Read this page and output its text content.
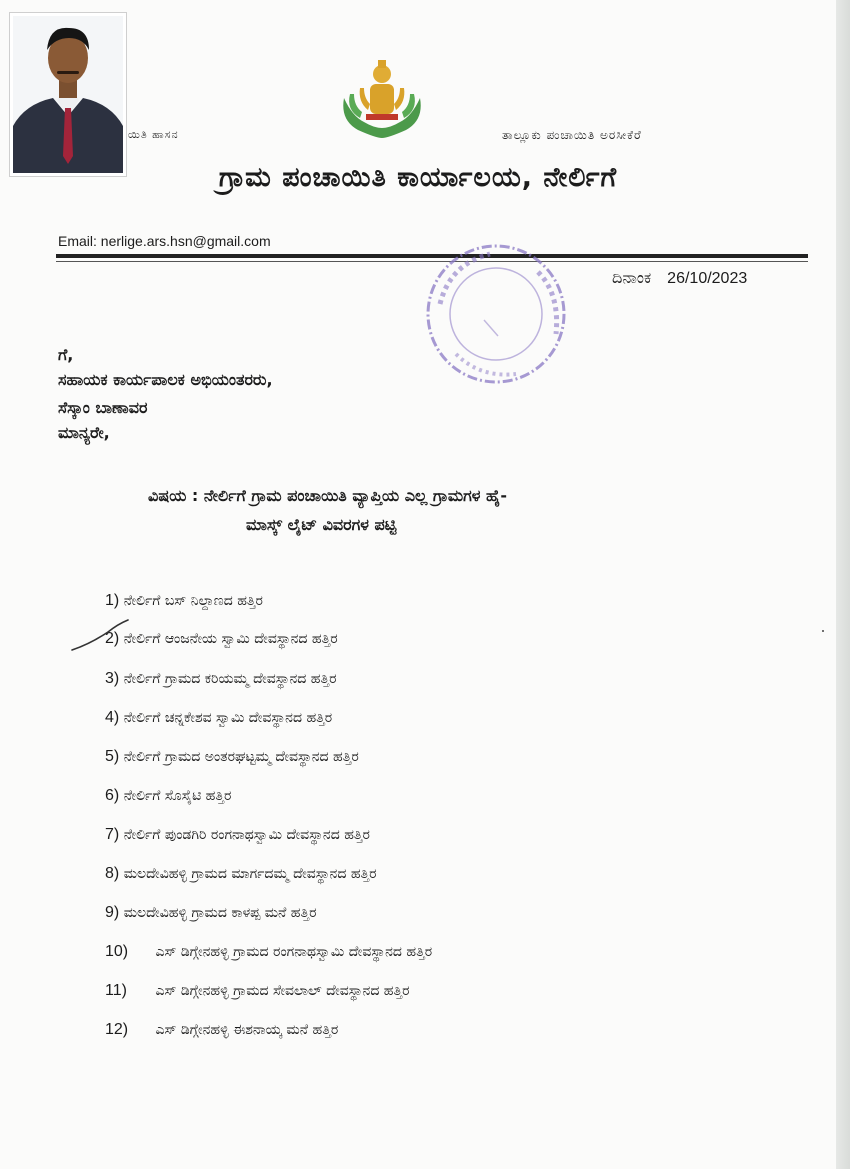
ಯಿತಿ ಹಾಸನ	ತಾಲ್ಲೂಕು ಪಂಚಾಯಿತಿ ಅರಸೀಕೆರೆ
ಗ್ರಾಮ ಪಂಚಾಯಿತಿ ಕಾರ್ಯಾಲಯ, ನೇರ್ಲಿಗೆ
Email: nerlige.ars.hsn@gmail.com
ದಿನಾಂಕ 26/10/2023
ಗೆ,
ಸಹಾಯಕ ಕಾರ್ಯಪಾಲಕ ಅಭಿಯಂತರರು,
ಸೆಸ್ಕಾಂ ಬಾಣಾವರ
ಮಾನ್ಯರೇ,
ವಿಷಯ : ನೇರ್ಲಿಗೆ ಗ್ರಾಮ ಪಂಚಾಯಿತಿ ವ್ಯಾಪ್ತಿಯ ಎಲ್ಲ ಗ್ರಾಮಗಳ ಹೈ-
ಮಾಸ್ಕ್ ಲೈಟ್ ವಿವರಗಳ ಪಟ್ಟಿ
1) ನೇರ್ಲಿಗೆ ಬಸ್ ನಿಲ್ದಾಣದ ಹತ್ತಿರ
2) ನೇರ್ಲಿಗೆ ಆಂಜನೇಯ ಸ್ವಾಮಿ ದೇವಸ್ಥಾನದ ಹತ್ತಿರ
3) ನೇರ್ಲಿಗೆ ಗ್ರಾಮದ ಕರಿಯಮ್ಮ ದೇವಸ್ಥಾನದ ಹತ್ತಿರ
4) ನೇರ್ಲಿಗೆ ಚನ್ನಕೇಶವ ಸ್ವಾಮಿ ದೇವಸ್ಥಾನದ ಹತ್ತಿರ
5) ನೇರ್ಲಿಗೆ ಗ್ರಾಮದ ಅಂತರಘಟ್ಟಮ್ಮ ದೇವಸ್ಥಾನದ ಹತ್ತಿರ
6) ನೇರ್ಲಿಗೆ ಸೊಸೈಟಿ ಹತ್ತಿರ
7) ನೇರ್ಲಿಗೆ ಪುಂಡಗಿರಿ ರಂಗನಾಥಸ್ವಾಮಿ ದೇವಸ್ಥಾನದ ಹತ್ತಿರ
8) ಮಲದೇವಿಹಳ್ಳಿ ಗ್ರಾಮದ ಮಾರ್ಗದಮ್ಮ ದೇವಸ್ಥಾನದ ಹತ್ತಿರ
9) ಮಲದೇವಿಹಳ್ಳಿ ಗ್ರಾಮದ ಕಾಳಪ್ಪ ಮನೆ ಹತ್ತಿರ
10) ಎಸ್ ಡಿಗ್ಗೇನಹಳ್ಳಿ ಗ್ರಾಮದ ರಂಗನಾಥಸ್ವಾಮಿ ದೇವಸ್ಥಾನದ ಹತ್ತಿರ
11) ಎಸ್ ಡಿಗ್ಗೇನಹಳ್ಳಿ ಗ್ರಾಮದ ಸೇವಲಾಲ್ ದೇವಸ್ಥಾನದ ಹತ್ತಿರ
12) ಎಸ್ ಡಿಗ್ಗೇನಹಳ್ಳಿ ಈಶನಾಯ್ಕ ಮನೆ ಹತ್ತಿರ
